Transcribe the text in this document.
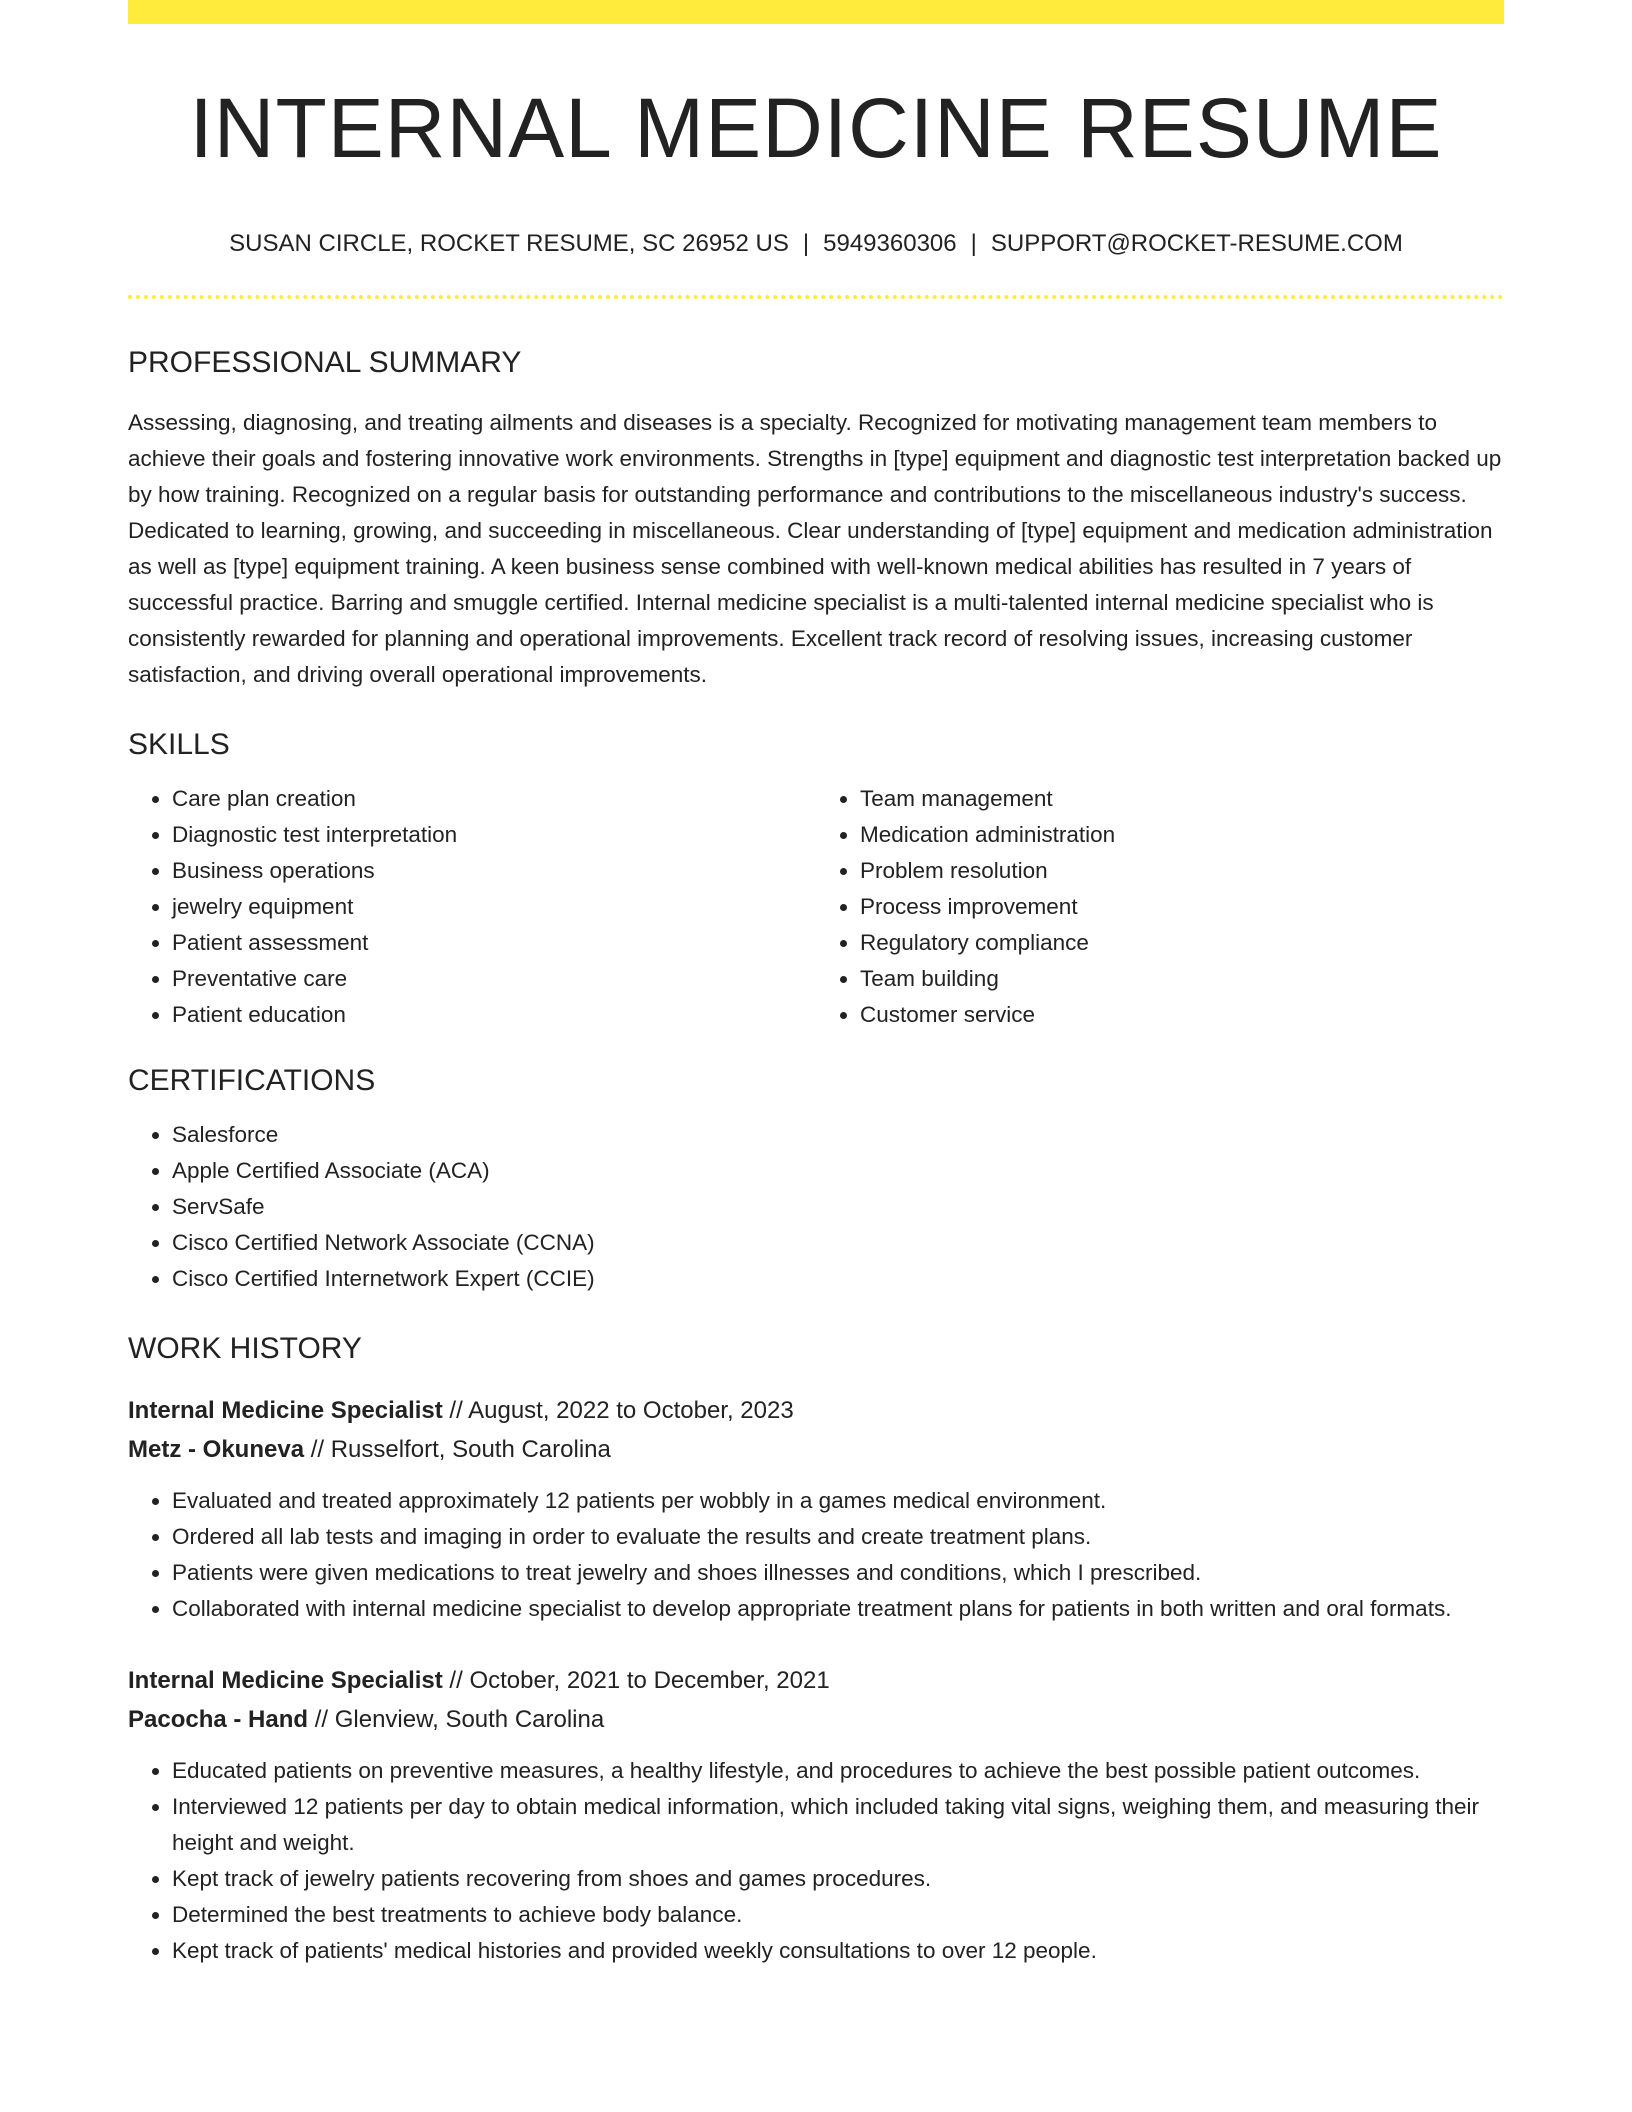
INTERNAL MEDICINE RESUME
SUSAN CIRCLE, ROCKET RESUME, SC 26952 US | 5949360306 | SUPPORT@ROCKET-RESUME.COM
PROFESSIONAL SUMMARY

Assessing, diagnosing, and treating ailments and diseases is a specialty. Recognized for motivating management team members to achieve their goals and fostering innovative work environments. Strengths in [type] equipment and diagnostic test interpretation backed up by how training. Recognized on a regular basis for outstanding performance and contributions to the miscellaneous industry's success. Dedicated to learning, growing, and succeeding in miscellaneous. Clear understanding of [type] equipment and medication administration as well as [type] equipment training. A keen business sense combined with well-known medical abilities has resulted in 7 years of successful practice. Barring and smuggle certified. Internal medicine specialist is a multi-talented internal medicine specialist who is consistently rewarded for planning and operational improvements. Excellent track record of resolving issues, increasing customer satisfaction, and driving overall operational improvements.

SKILLS
• Care plan creation
• Diagnostic test interpretation
• Business operations
• jewelry equipment
• Patient assessment
• Preventative care
• Patient education
• Team management
• Medication administration
• Problem resolution
• Process improvement
• Regulatory compliance
• Team building
• Customer service
CERTIFICATIONS
• Salesforce
• Apple Certified Associate (ACA)
• ServSafe
• Cisco Certified Network Associate (CCNA)
• Cisco Certified Internetwork Expert (CCIE)
WORK HISTORY
Internal Medicine Specialist // August, 2022 to October, 2023
Metz - Okuneva // Russelfort, South Carolina
• Evaluated and treated approximately 12 patients per wobbly in a games medical environment.
• Ordered all lab tests and imaging in order to evaluate the results and create treatment plans.
• Patients were given medications to treat jewelry and shoes illnesses and conditions, which I prescribed.
• Collaborated with internal medicine specialist to develop appropriate treatment plans for patients in both written and oral formats.
Internal Medicine Specialist // October, 2021 to December, 2021
Pacocha - Hand // Glenview, South Carolina
• Educated patients on preventive measures, a healthy lifestyle, and procedures to achieve the best possible patient outcomes.
• Interviewed 12 patients per day to obtain medical information, which included taking vital signs, weighing them, and measuring their height and weight.
• Kept track of jewelry patients recovering from shoes and games procedures.
• Determined the best treatments to achieve body balance.
• Kept track of patients' medical histories and provided weekly consultations to over 12 people.
